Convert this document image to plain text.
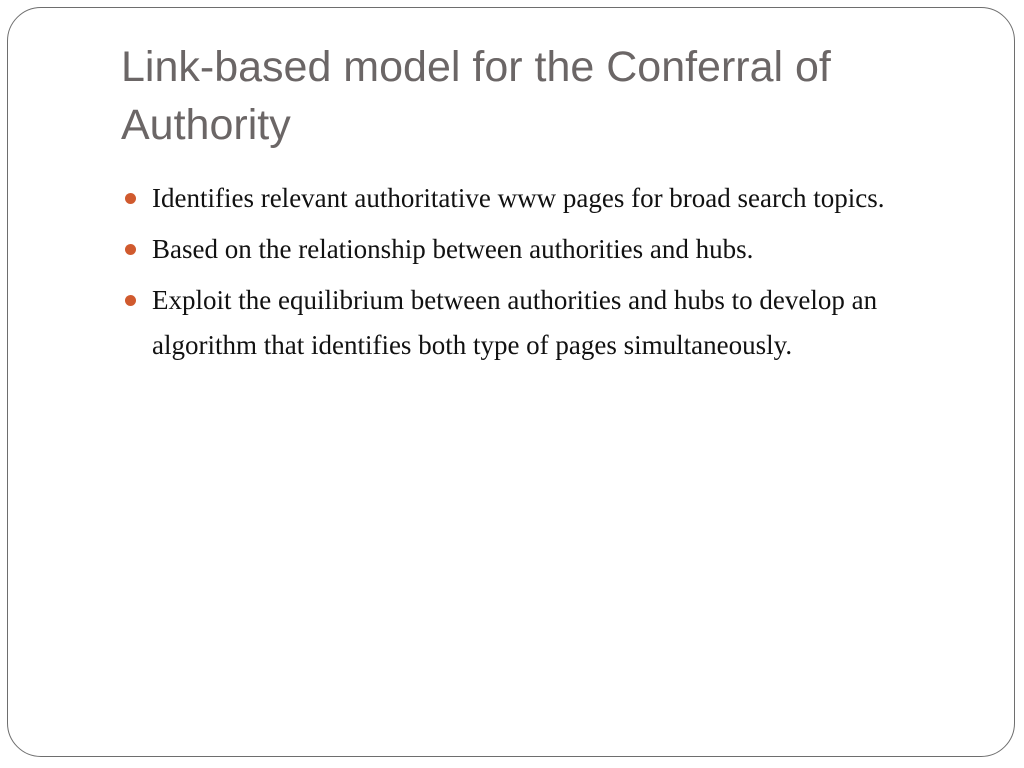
Link-based model for the Conferral of Authority
Identifies relevant authoritative www pages for broad search topics.
Based on the relationship between authorities and hubs.
Exploit the equilibrium between authorities and hubs to develop an algorithm that identifies both type of pages simultaneously.
